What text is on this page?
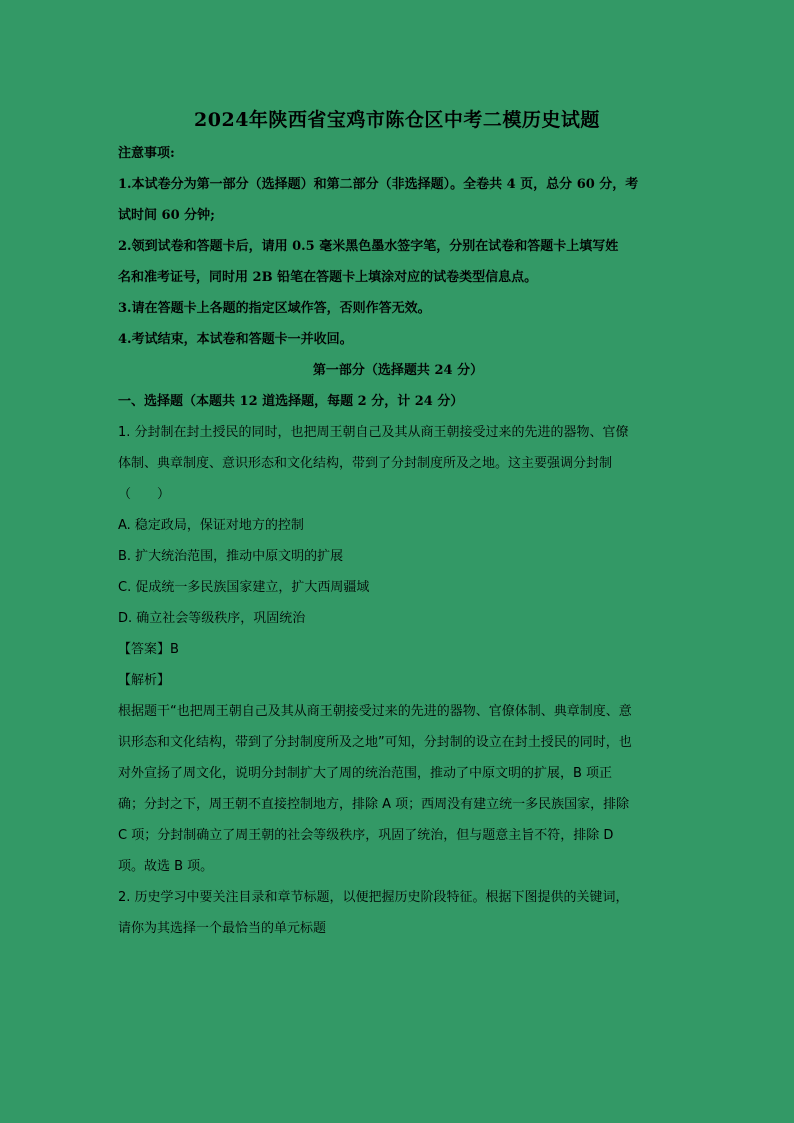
2024年陕西省宝鸡市陈仓区中考二模历史试题
注意事项:
1.本试卷分为第一部分（选择题）和第二部分（非选择题）。全卷共 4 页，总分 60 分，考
试时间 60 分钟;
2.领到试卷和答题卡后，请用 0.5 毫米黑色墨水签字笔，分别在试卷和答题卡上填写姓
名和准考证号，同时用 2B 铅笔在答题卡上填涂对应的试卷类型信息点。
3.请在答题卡上各题的指定区域作答，否则作答无效。
4.考试结束，本试卷和答题卡一并收回。
第一部分（选择题共 24 分）
一、选择题（本题共 12 道选择题，每题 2 分，计 24 分）
1. 分封制在封土授民的同时，也把周王朝自己及其从商王朝接受过来的先进的器物、官僚
体制、典章制度、意识形态和文化结构，带到了分封制度所及之地。这主要强调分封制
（　　）
A. 稳定政局，保证对地方的控制
B. 扩大统治范围，推动中原文明的扩展
C. 促成统一多民族国家建立，扩大西周疆域
D. 确立社会等级秩序，巩固统治
【答案】B
【解析】
根据题干“也把周王朝自己及其从商王朝接受过来的先进的器物、官僚体制、典章制度、意
识形态和文化结构，带到了分封制度所及之地”可知，分封制的设立在封土授民的同时，也
对外宣扬了周文化，说明分封制扩大了周的统治范围，推动了中原文明的扩展，B 项正
确；分封之下，周王朝不直接控制地方，排除 A 项；西周没有建立统一多民族国家，排除
C 项；分封制确立了周王朝的社会等级秩序，巩固了统治，但与题意主旨不符，排除 D
项。故选 B 项。
2. 历史学习中要关注目录和章节标题，以便把握历史阶段特征。根据下图提供的关键词，
请你为其选择一个最恰当的单元标题
